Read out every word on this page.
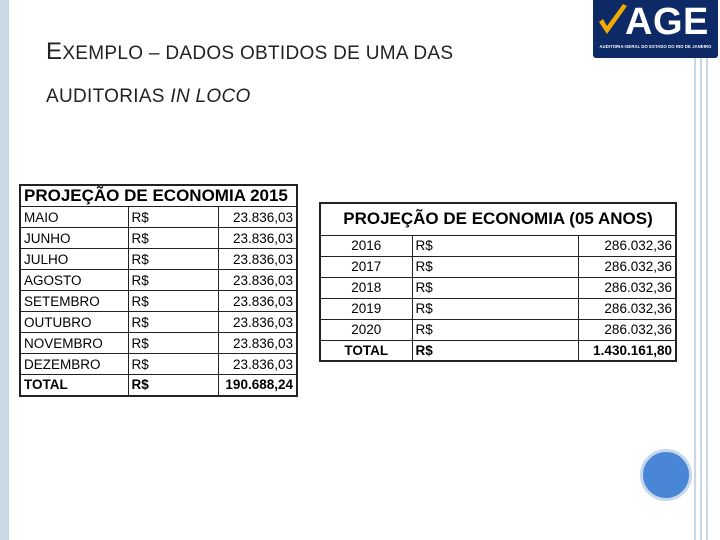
EXEMPLO – DADOS OBTIDOS DE UMA DAS
AUDITORIAS IN LOCO
AGE
AUDITORIA-GERAL DO ESTADO DO RIO DE JANEIRO
PROJEÇÃO DE ECONOMIA 2015		
MAIO	R$	23.836,03
JUNHO	R$	23.836,03
JULHO	R$	23.836,03
AGOSTO	R$	23.836,03
SETEMBRO	R$	23.836,03
OUTUBRO	R$	23.836,03
NOVEMBRO	R$	23.836,03
DEZEMBRO	R$	23.836,03
TOTAL	R$	190.688,24
PROJEÇÃO DE ECONOMIA (05 ANOS)		
2016	R$	286.032,36
2017	R$	286.032,36
2018	R$	286.032,36
2019	R$	286.032,36
2020	R$	286.032,36
TOTAL	R$	1.430.161,80
